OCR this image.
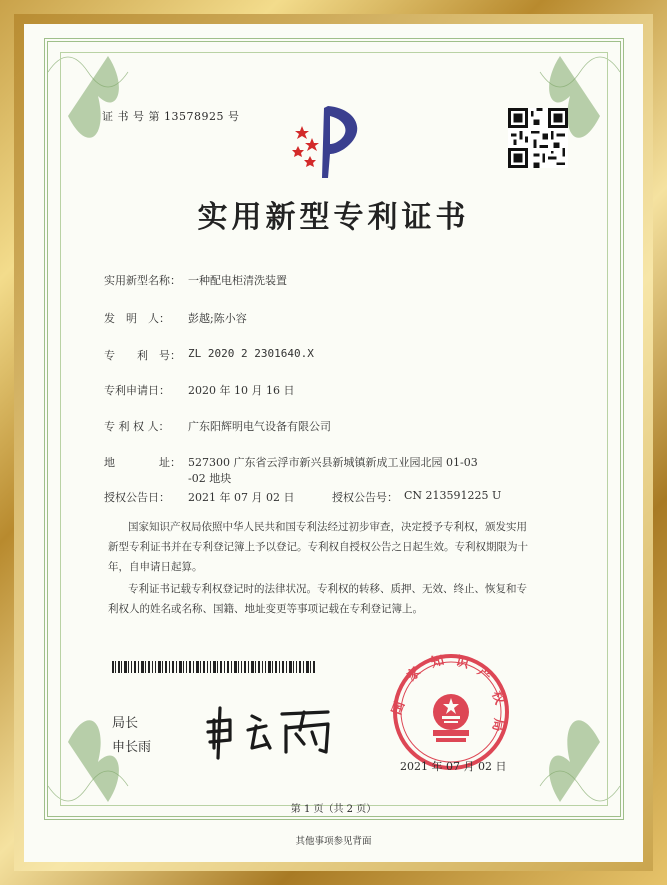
证 书 号 第 13578925 号
实用新型专利证书
实用新型名称： 一种配电柜清洗装置
发　明　人： 彭越;陈小容
专　　利　号： ZL 2020 2 2301640.X
专利申请日： 2020 年 10 月 16 日
专 利 权 人： 广东阳辉明电气设备有限公司
地　　　　址： 527300 广东省云浮市新兴县新城镇新成工业园北园 01-03
-02 地块
授权公告日： 2021 年 07 月 02 日	授权公告号： CN 213591225 U
国家知识产权局依照中华人民共和国专利法经过初步审查，决定授予专利权，颁发实用
新型专利证书并在专利登记簿上予以登记。专利权自授权公告之日起生效。专利权期限为十
年，自申请日起算。
专利证书记载专利权登记时的法律状况。专利权的转移、质押、无效、终止、恢复和专
利权人的姓名或名称、国籍、地址变更等事项记载在专利登记簿上。
局长
申长雨
国
家
知 识
产
权
局
2021 年 07 月 02 日
第 1 页（共 2 页）
其他事项参见背面
